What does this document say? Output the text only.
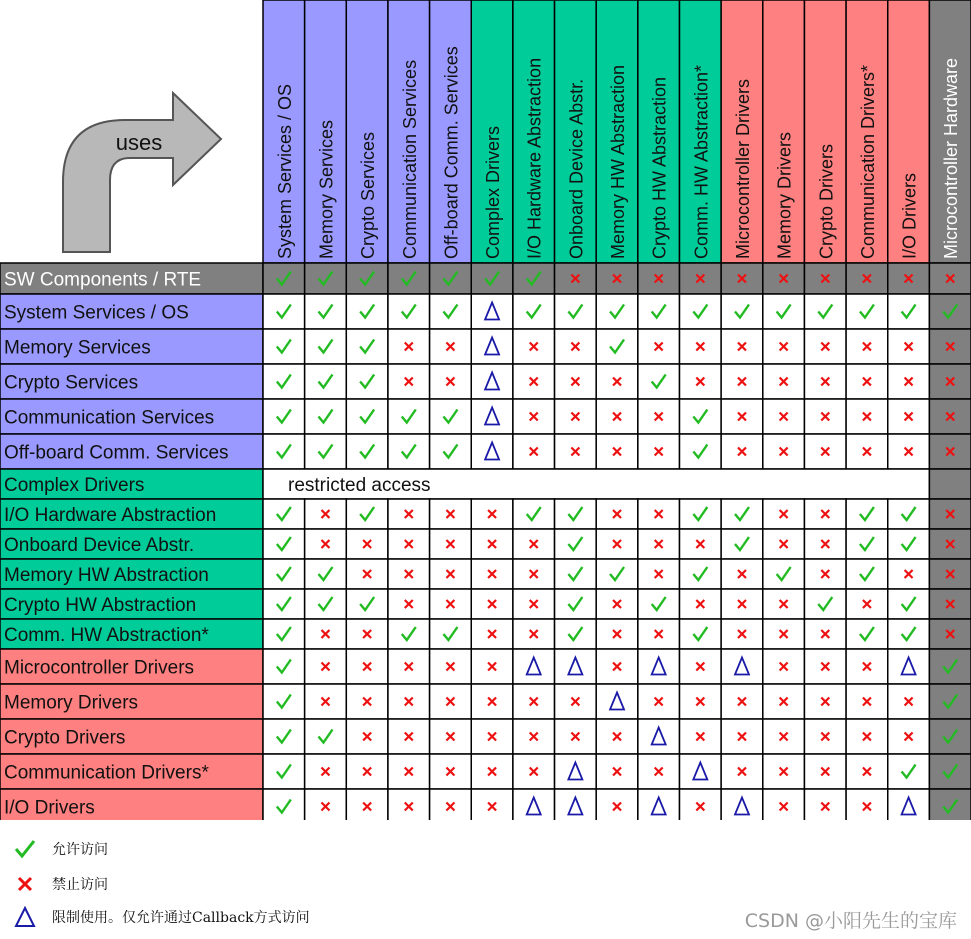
System Services / OS Memory Services Crypto Services Communication Services Off-board Comm. Services Complex Drivers I/O Hardware Abstraction Onboard Device Abstr. Memory HW Abstraction Crypto HW Abstraction Comm. HW Abstraction* Microcontroller Drivers Memory Drivers Crypto Drivers Communication Drivers* I/O Drivers Microcontroller Hardware
uses
SW Components / RTE
System Services / OS
Memory Services
Crypto Services
Communication Services
Off-board Comm. Services
Complex Drivers
I/O Hardware Abstraction
Onboard Device Abstr.
Memory HW Abstraction
Crypto HW Abstraction
Comm. HW Abstraction*
Microcontroller Drivers
Memory Drivers
Crypto Drivers
Communication Drivers*
I/O Drivers
restricted access
允许访问
禁止访问
限制使用。仅允许通过Callback方式访问	CSDN @小阳先生的宝库
